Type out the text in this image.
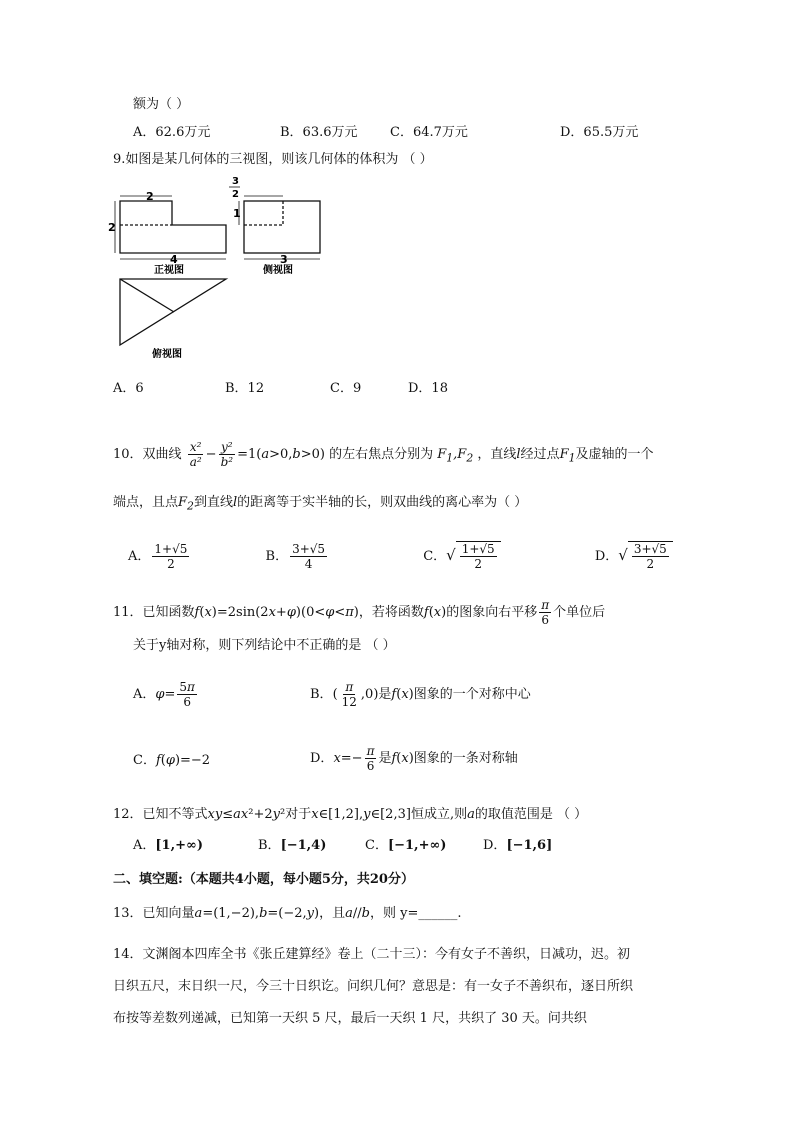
额为（ ）
A．62.6万元	B．63.6万元	C．64.7万元	D．65.5万元
9.如图是某几何体的三视图，则该几何体的体积为 （ ）
2
2
4
正视图
3
2
1
3
侧视图
俯视图
A．6	B．12	C．9	D．18
10．双曲线 $\frac{\text{x²}}{\text{a²}} - \frac{\text{y²}}{\text{b²}} =1(a>0,b>0)$ 的左右焦点分别为 $F_1,F_2$ ，直线l经过点$F_1$及虚轴的一个
端点，且点$F_2$到直线l的距离等于实半轴的长，则双曲线的离心率为（ ）
A． $\frac{1+√5}{2}$	B． $\frac{3+√5}{4}$	C．√ $\frac{1+√5}{2}$	D．√ $\frac{3+√5}{2}$
11．已知函数f(x)=2sin(2x+φ)(0<φ<π)，若将函数f(x)的图象向右平移 $\frac{\pi}{6}$ 个单位后
关于y轴对称，则下列结论中不正确的是 （ ）
A．$\varphi= \frac{5\pi}{6}$	B．( $\frac{\pi}{12} ,0$)是f(x)图象的一个对称中心
C．f(φ)=−2	D．$x=- \frac{\pi}{6}$ 是f(x)图象的一条对称轴
12．已知不等式xy≤ax²+2y²对于x∈[1,2],y∈[2,3]恒成立,则a的取值范围是 （ ）
A．[1,+∞)	B．[−1,4)	C．[−1,+∞)	D．[−1,6]
二、填空题:（本题共4小题，每小题5分，共20分）
13．已知向量a=(1,−2),b=(−2,y)，且a//b，则 y=______.
14．文渊阁本四库全书《张丘建算经》卷上（二十三）：今有女子不善织，日减功，迟。初
日织五尺，末日织一尺，今三十日织讫。问织几何？意思是：有一女子不善织布，逐日所织
布按等差数列递减，已知第一天织 5 尺，最后一天织 1 尺，共织了 30 天。问共织
